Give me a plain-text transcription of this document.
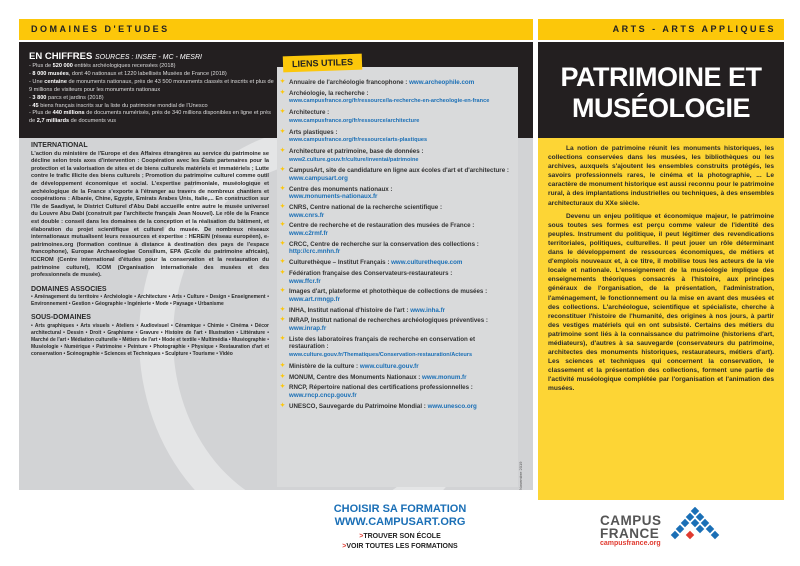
DOMAINES D'ETUDES	ARTS - ARTS APPLIQUES
EN CHIFFRES SOURCES : INSEE - MC - MESRI
- Plus de 520 000 entités archéologiques recensées (2018)
- 8 000 musées, dont 40 nationaux et 1220 labellisés Musées de France (2018)
- Une centaine de monuments nationaux, près de 43 500 monuments classés et inscrits et plus de 9 millions de visiteurs pour les monuments nationaux
- 3 800 parcs et jardins (2018)
- 45 biens français inscrits sur la liste du patrimoine mondial de l'Unesco
- Plus de 440 millions de documents numérisés, près de 340 millions disponibles en ligne et près de 2,7 milliards de documents vus
PATRIMOINE ET
MUSÉOLOGIE
INTERNATIONAL
L'action du ministère de l'Europe et des Affaires étrangères au service du patrimoine se décline selon trois axes d'intervention : Coopération avec les États partenaires pour la protection et la valorisation de sites et de biens culturels matériels et immatériels ; Lutte contre le trafic illicite des biens culturels ; Promotion du patrimoine culturel comme outil de développement économique et social. L'expertise patrimoniale, muséologique et archéologique de la France s'exporte à l'étranger au travers de nombreux chantiers et coopérations : Albanie, Chine, Egypte, Emirats Arabes Unis, Italie,... En construction sur l'île de Saadiyat, le District Culturel d'Abu Dabi accueille entre autre le musée universel du Louvre Abu Dabi (construit par l'architecte français Jean Nouvel). Le rôle de la France est double : conseil dans les domaines de la conception et la réalisation du bâtiment, et élaboration du projet scientifique et culturel du musée. De nombreux réseaux internationaux mutualisent leurs ressources et expertise : HEREIN (réseau européen), e-patrimoines.org (formation continue à distance à destination des pays de l'espace francophone), Europae Archaeologiae Consilium, EPA (Ecole du patrimoine africain), ICCROM (Centre international d'études pour la conservation et la restauration du patrimoine culturel), ICOM (Organisation internationale des musées et des professionnels de musée).
DOMAINES ASSOCIES
• Aménagement du territoire • Archéologie • Architecture • Arts • Culture • Design • Enseignement • Environnement • Gestion • Géographie • Ingénierie • Mode • Paysage • Urbanisme
SOUS-DOMAINES
• Arts graphiques • Arts visuels • Ateliers • Audiovisuel • Céramique • Chimie • Cinéma • Décor architectural • Dessin • Droit • Graphisme • Gravure • Histoire de l'art • Illustration • Littérature • Marché de l'art • Médiation culturelle • Métiers de l'art • Mode et textile • Multimédia • Muséographie • Muséologie • Numérique • Patrimoine • Peinture • Photographie • Physique • Restauration d'art et conservation • Scénographie • Sciences et Techniques • Sculpture • Tourisme • Vidéo
Novembre 2019
✦ Annuaire de l'archéologie francophone : www.archeophile.com
✦ Archéologie, la recherche :
www.campusfrance.org/fr/ressource/la-recherche-en-archeologie-en-france
✦ Architecture :
www.campusfrance.org/fr/ressource/architecture
✦ Arts plastiques :
www.campusfrance.org/fr/ressource/arts-plastiques
✦ Architecture et patrimoine, base de données :
www2.culture.gouv.fr/culture/inventai/patrimoine
✦ CampusArt, site de candidature en ligne aux écoles d'art et d'architecture :
www.campusart.org
✦ Centre des monuments nationaux :
www.monuments-nationaux.fr
✦ CNRS, Centre national de la recherche scientifique :
www.cnrs.fr
✦ Centre de recherche et de restauration des musées de France :
www.c2rmf.fr
✦ CRCC, Centre de recherche sur la conservation des collections :
http://crc.mnhn.fr
✦ Culturethèque – Institut Français : www.culturetheque.com
✦ Fédération française des Conservateurs-restaurateurs :
www.ffcr.fr
✦ Images d'art, plateforme et photothèque de collections de musées : www.art.rmngp.fr
✦ INHA, Institut national d'histoire de l'art : www.inha.fr
✦ INRAP, Institut national de recherches archéologiques préventives :
www.inrap.fr
✦ Liste des laboratoires français de recherche en conservation et restauration :
www.culture.gouv.fr/Thematiques/Conservation-restauration/Acteurs
✦ Ministère de la culture : www.culture.gouv.fr
✦ MONUM, Centre des Monuments Nationaux : www.monum.fr
✦ RNCP, Répertoire national des certifications professionnelles :
www.rncp.cncp.gouv.fr
✦ UNESCO, Sauvegarde du Patrimoine Mondial : www.unesco.org
LIENS UTILES

La notion de patrimoine réunit les monuments historiques, les collections conservées dans les musées, les bibliothèques ou les archives, auxquels s'ajoutent les ensembles construits protégés, les savoirs professionnels rares, le cinéma et la photographie, ... Le caractère de monument historique est aussi reconnu pour le patrimoine rural, à des implantations industrielles ou techniques, à des ensembles architecturaux du XXe siècle.

Devenu un enjeu politique et économique majeur, le patrimoine sous toutes ses formes est perçu comme valeur de l'identité des peuples. Instrument du politique, il peut légitimer des revendications territoriales, politiques, culturelles. Il peut jouer un rôle déterminant dans le développement de ressources économiques, de métiers et d'emplois nouveaux et, à ce titre, il mobilise tous les acteurs de la vie locale et nationale. L'enseignement de la muséologie implique des enseignements théoriques consacrés à l'histoire, aux principes généraux de l'organisation, de la présentation, l'administration, l'aménagement, le fonctionnement ou la mise en avant des musées et des collections. L'archéologue, scientifique et spécialiste, cherche à reconstituer l'histoire de l'humanité, des origines à nos jours, à partir des vestiges matériels qui en ont subsisté. Certains des métiers du patrimoine sont liés à la connaissance du patrimoine (historiens d'art, médiateurs), d'autres à sa sauvegarde (conservateurs du patrimoine, architectes des monuments historiques, restaurateurs, métiers d'art). Les sciences et techniques qui concernent la conservation, le classement et la présentation des collections, forment une partie de l'activité muséologique complétée par l'organisation et l'animation des musées.

CHOISIR SA FORMATION
WWW.CAMPUSART.ORG
>TROUVER SON ÉCOLE
>VOIR TOUTES LES FORMATIONS
CAMPUS
FRANCE
campusfrance.org
